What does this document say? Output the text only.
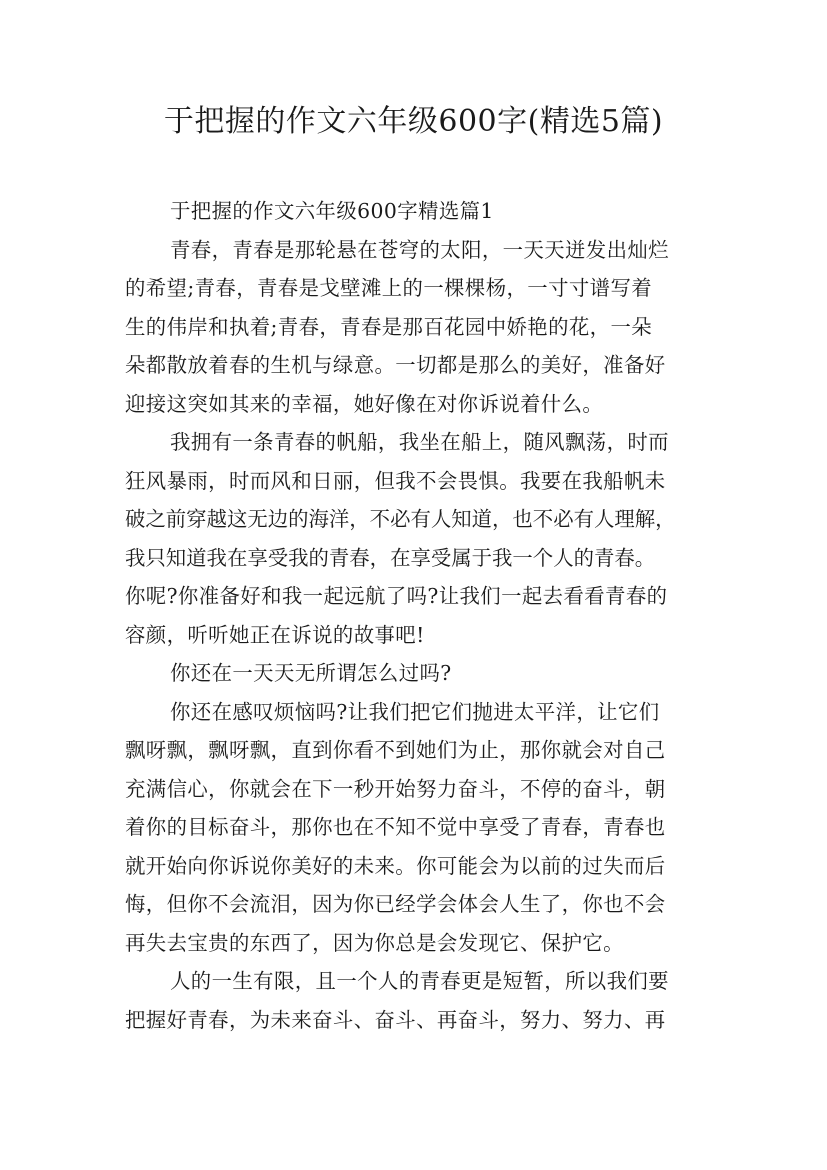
于把握的作文六年级600字(精选5篇)
于把握的作文六年级600字精选篇1
青春，青春是那轮悬在苍穹的太阳，一天天迸发出灿烂
的希望;青春，青春是戈壁滩上的一棵棵杨，一寸寸谱写着
生的伟岸和执着;青春，青春是那百花园中娇艳的花，一朵
朵都散放着春的生机与绿意。一切都是那么的美好，准备好
迎接这突如其来的幸福，她好像在对你诉说着什么。
我拥有一条青春的帆船，我坐在船上，随风飘荡，时而
狂风暴雨，时而风和日丽，但我不会畏惧。我要在我船帆未
破之前穿越这无边的海洋，不必有人知道，也不必有人理解，
我只知道我在享受我的青春，在享受属于我一个人的青春。
你呢?你准备好和我一起远航了吗?让我们一起去看看青春的
容颜，听听她正在诉说的故事吧!
你还在一天天无所谓怎么过吗?
你还在感叹烦恼吗?让我们把它们抛进太平洋，让它们
飘呀飘，飘呀飘，直到你看不到她们为止，那你就会对自己
充满信心，你就会在下一秒开始努力奋斗，不停的奋斗，朝
着你的目标奋斗，那你也在不知不觉中享受了青春，青春也
就开始向你诉说你美好的未来。你可能会为以前的过失而后
悔，但你不会流泪，因为你已经学会体会人生了，你也不会
再失去宝贵的东西了，因为你总是会发现它、保护它。
人的一生有限，且一个人的青春更是短暂，所以我们要
把握好青春，为未来奋斗、奋斗、再奋斗，努力、努力、再
